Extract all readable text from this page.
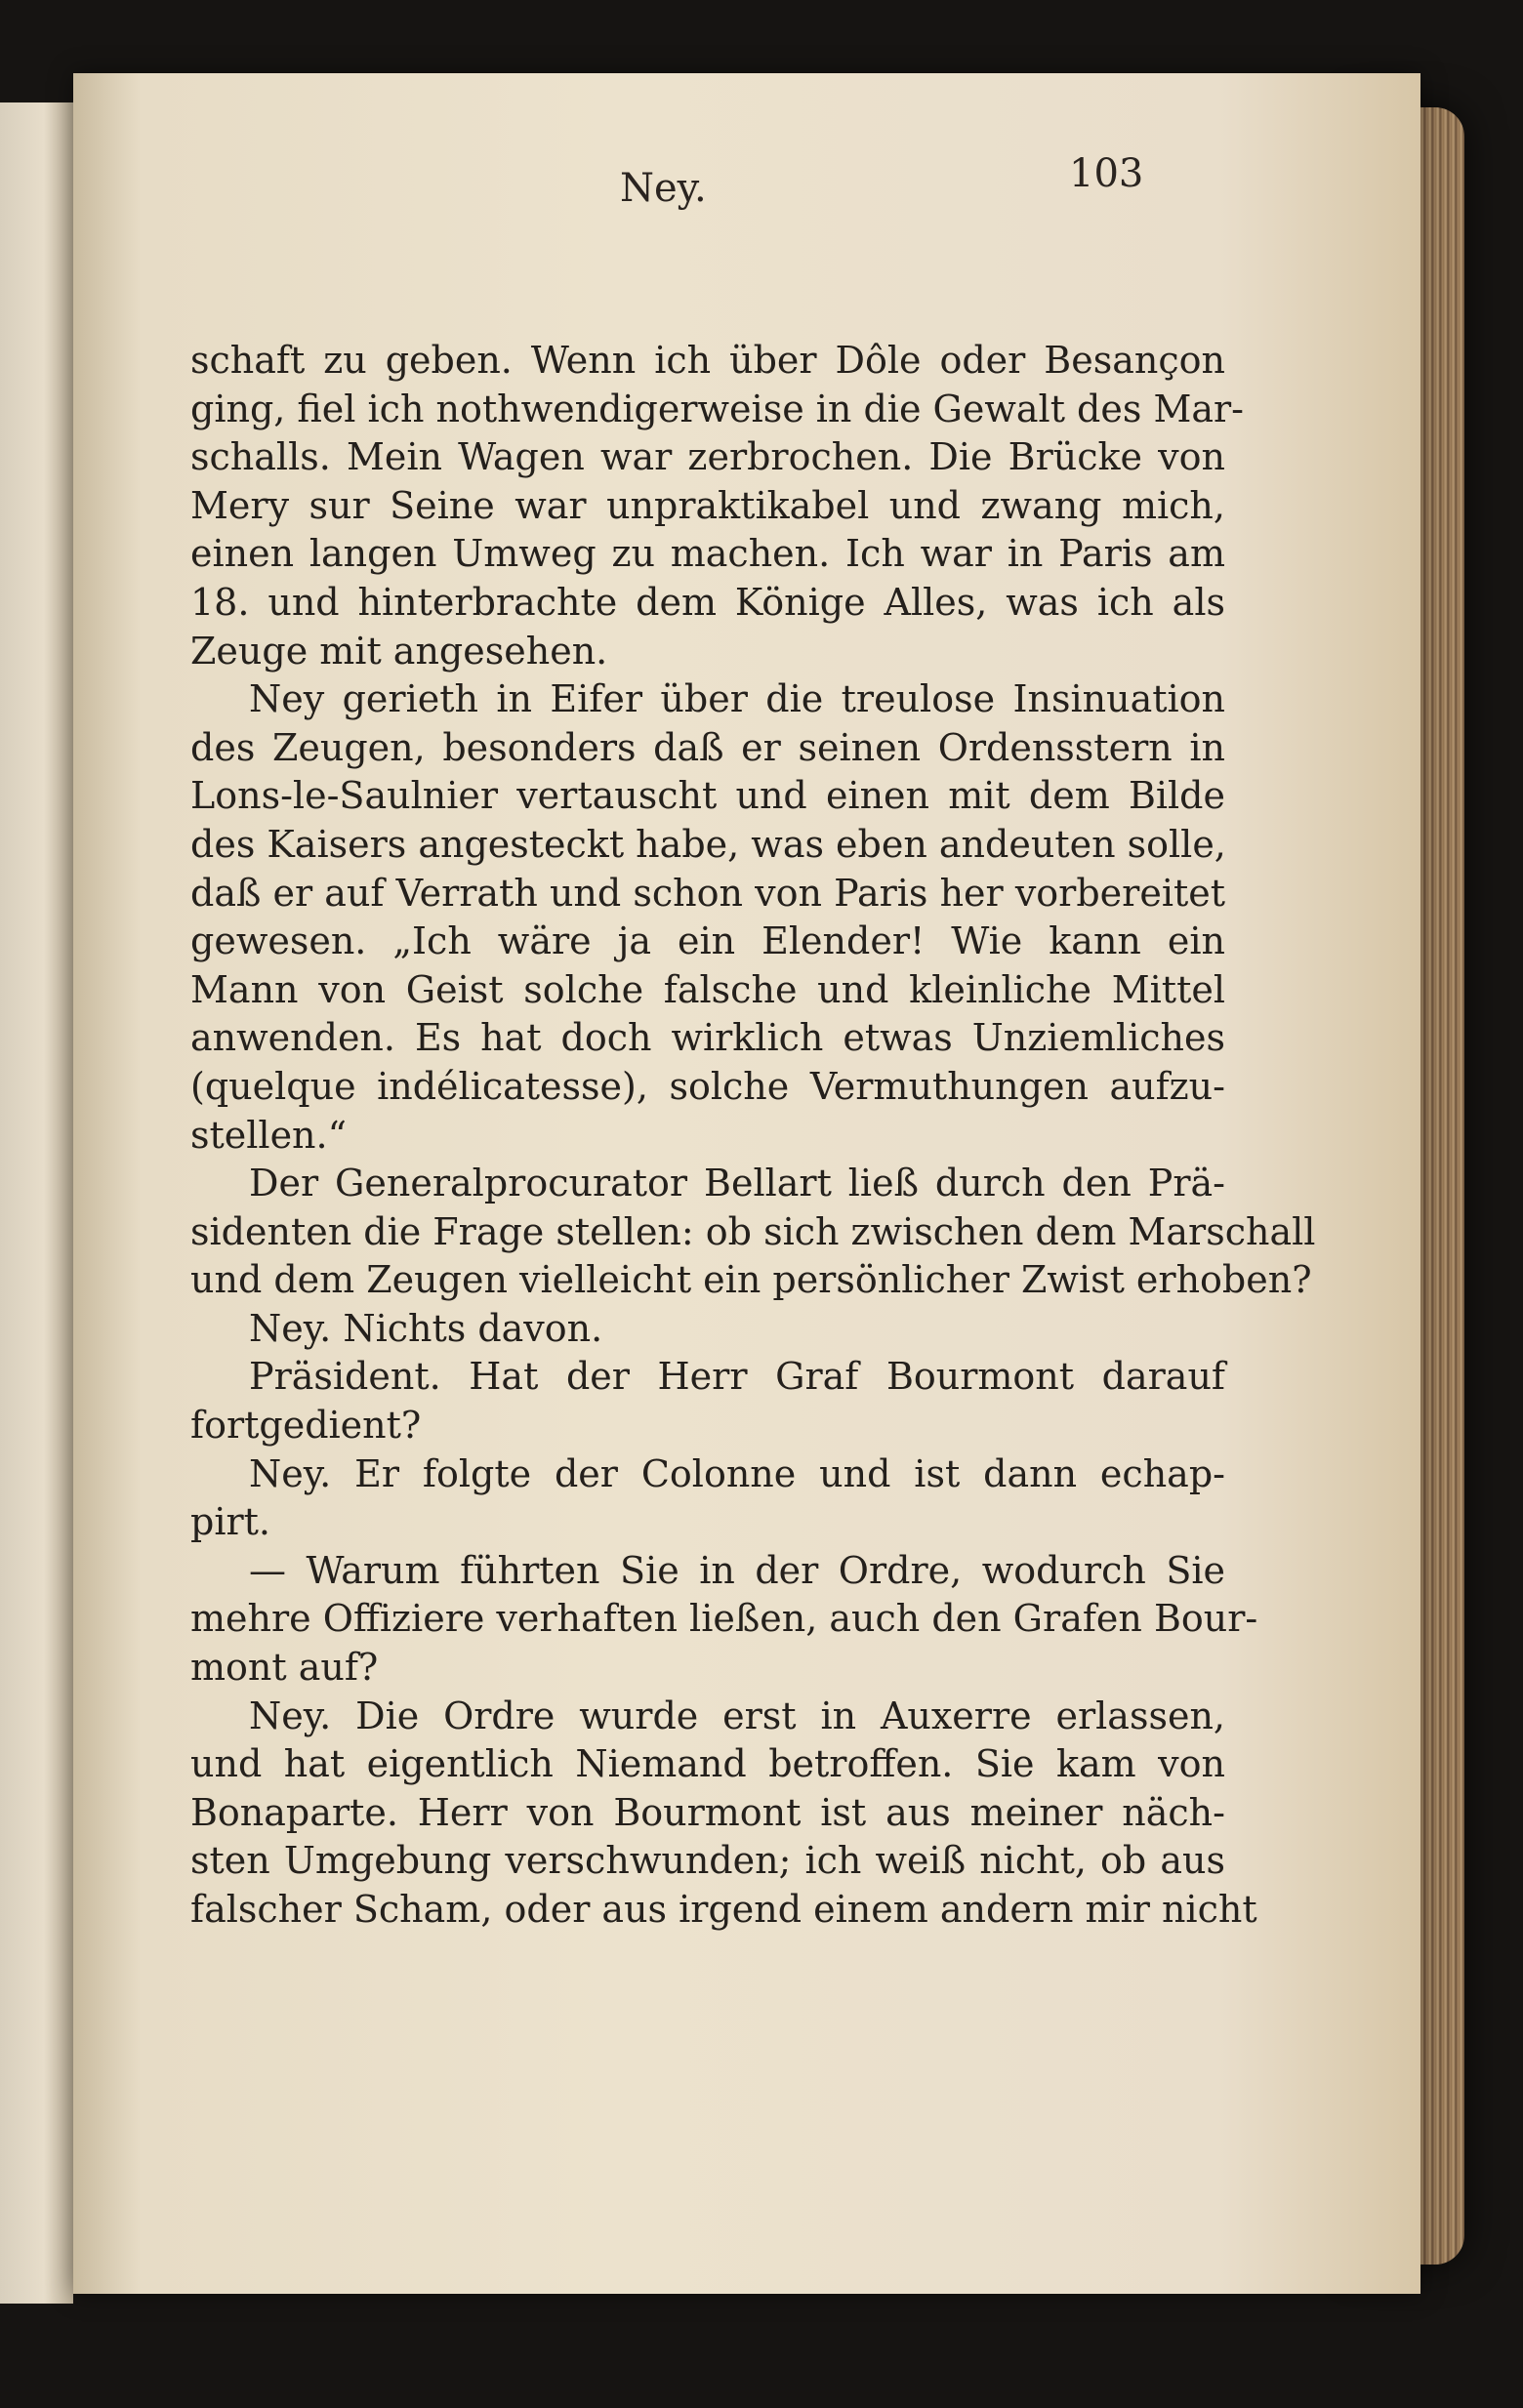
Ney.	103
schaft zu geben. Wenn ich über Dôle oder Besançon
ging, fiel ich nothwendigerweise in die Gewalt des Mar-
schalls. Mein Wagen war zerbrochen. Die Brücke von
Mery sur Seine war unpraktikabel und zwang mich,
einen langen Umweg zu machen. Ich war in Paris am
18. und hinterbrachte dem Könige Alles, was ich als
Zeuge mit angesehen.
Ney gerieth in Eifer über die treulose Insinuation
des Zeugen, besonders daß er seinen Ordensstern in
Lons-le-Saulnier vertauscht und einen mit dem Bilde
des Kaisers angesteckt habe, was eben andeuten solle,
daß er auf Verrath und schon von Paris her vorbereitet
gewesen. „Ich wäre ja ein Elender! Wie kann ein
Mann von Geist solche falsche und kleinliche Mittel
anwenden. Es hat doch wirklich etwas Unziemliches
(quelque indélicatesse), solche Vermuthungen aufzu-
stellen.“
Der Generalprocurator Bellart ließ durch den Prä-
sidenten die Frage stellen: ob sich zwischen dem Marschall
und dem Zeugen vielleicht ein persönlicher Zwist erhoben?
Ney. Nichts davon.
Präsident. Hat der Herr Graf Bourmont darauf
fortgedient?
Ney. Er folgte der Colonne und ist dann echap-
pirt.
— Warum führten Sie in der Ordre, wodurch Sie
mehre Offiziere verhaften ließen, auch den Grafen Bour-
mont auf?
Ney. Die Ordre wurde erst in Auxerre erlassen,
und hat eigentlich Niemand betroffen. Sie kam von
Bonaparte. Herr von Bourmont ist aus meiner näch-
sten Umgebung verschwunden; ich weiß nicht, ob aus
falscher Scham, oder aus irgend einem andern mir nicht
